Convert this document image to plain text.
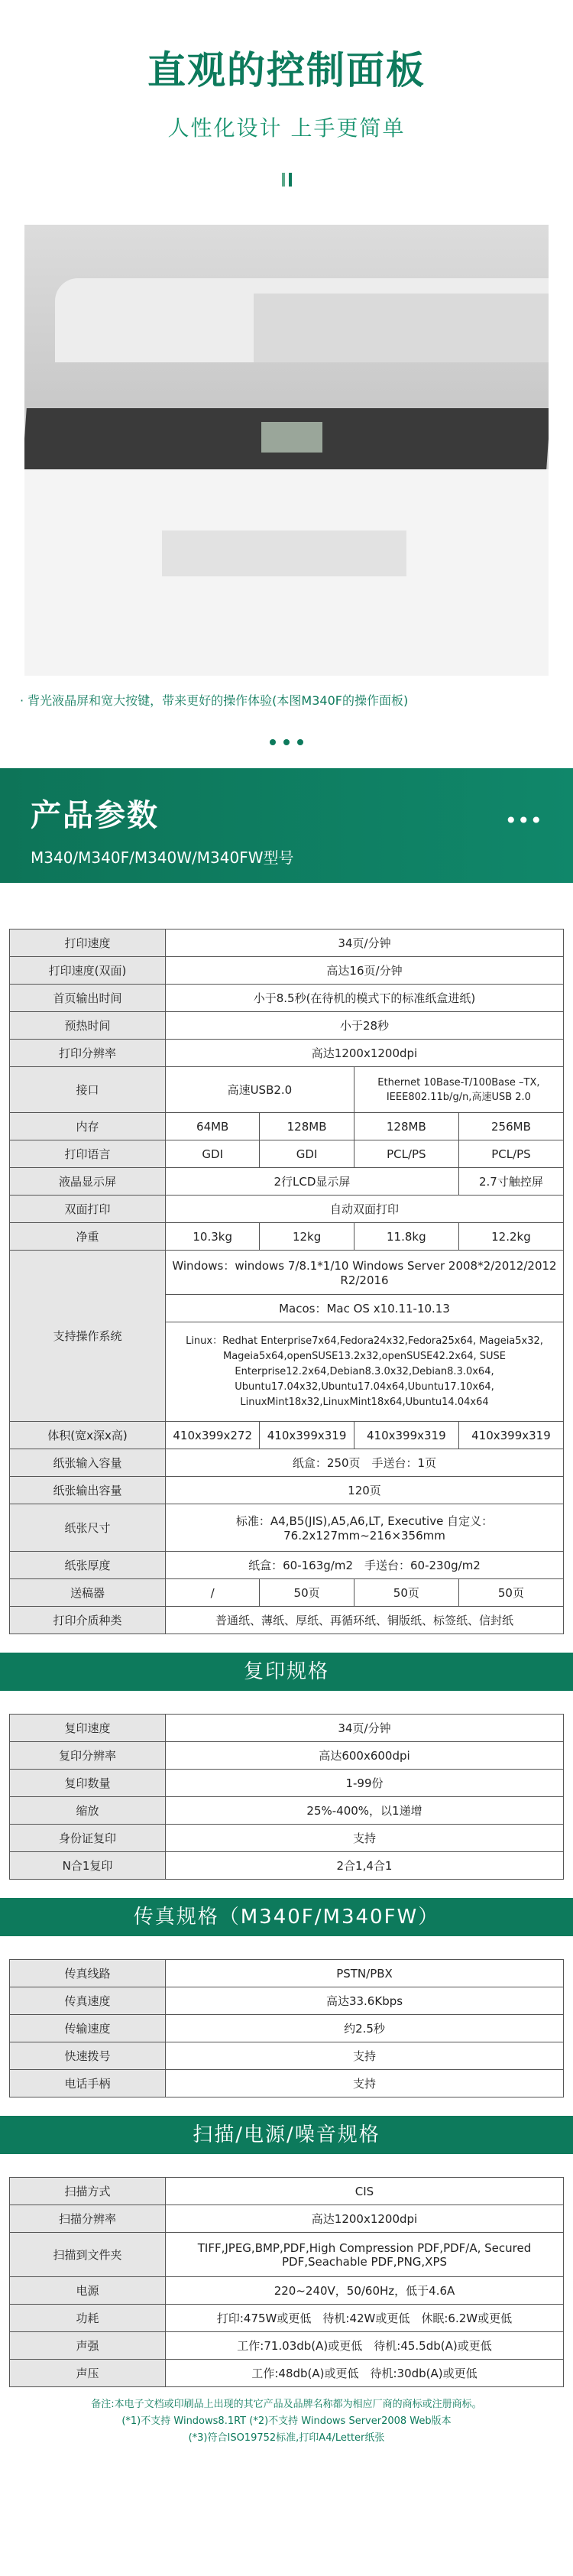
直观的控制面板
人性化设计 上手更简单
· 背光液晶屏和宽大按键，带来更好的操作体验(本图M340F的操作面板)
产品参数
M340/M340F/M340W/M340FW型号
•••
打印速度	34页/分钟			
打印速度(双面)	高达16页/分钟			
首页输出时间	小于8.5秒(在待机的模式下的标准纸盒进纸)			
预热时间	小于28秒			
打印分辨率	高达1200x1200dpi			
接口	高速USB2.0		Ethernet 10Base-T/100Base –TX, IEEE802.11b/g/n,高速USB 2.0	
内存	64MB	128MB	128MB	256MB
打印语言	GDI	GDI	PCL/PS	PCL/PS
液晶显示屏	2行LCD显示屏			2.7寸触控屏
双面打印	自动双面打印			
净重	10.3kg	12kg	11.8kg	12.2kg
支持操作系统	Windows：windows 7/8.1*1/10 Windows Server 2008*2/2012/2012 R2/2016			
	Macos：Mac OS x10.11-10.13			
	Linux：Redhat Enterprise7x64,Fedora24x32,Fedora25x64, Mageia5x32, Mageia5x64,openSUSE13.2x32,openSUSE42.2x64, SUSE Enterprise12.2x64,Debian8.3.0x32,Debian8.3.0x64, Ubuntu17.04x32,Ubuntu17.04x64,Ubuntu17.10x64, LinuxMint18x32,LinuxMint18x64,Ubuntu14.04x64			
体积(宽x深x高)	410x399x272	410x399x319	410x399x319	410x399x319
纸张输入容量	纸盒：250页　手送台：1页			
纸张输出容量	120页			
纸张尺寸	标准：A4,B5(JIS),A5,A6,LT, Executive 自定义：76.2x127mm~216×356mm			
纸张厚度	纸盒：60-163g/m2　手送台：60-230g/m2			
送稿器	/	50页	50页	50页
打印介质种类	普通纸、薄纸、厚纸、再循环纸、铜版纸、标签纸、信封纸			
复印规格
复印速度	34页/分钟
复印分辨率	高达600x600dpi
复印数量	1-99份
缩放	25%-400%，以1递增
身份证复印	支持
N合1复印	2合1,4合1
传真规格（M340F/M340FW）
传真线路	PSTN/PBX
传真速度	高达33.6Kbps
传输速度	约2.5秒
快速拨号	支持
电话手柄	支持
扫描/电源/噪音规格
扫描方式	CIS
扫描分辨率	高达1200x1200dpi
扫描到文件夹	TIFF,JPEG,BMP,PDF,High Compression PDF,PDF/A, Secured PDF,Seachable PDF,PNG,XPS
电源	220~240V，50/60Hz，低于4.6A
功耗	打印:475W或更低　待机:42W或更低　休眠:6.2W或更低
声强	工作:71.03db(A)或更低　待机:45.5db(A)或更低
声压	工作:48db(A)或更低　待机:30db(A)或更低
备注:本电子文档或印刷品上出现的其它产品及品牌名称都为相应厂商的商标或注册商标。
(*1)不支持 Windows8.1RT (*2)不支持 Windows Server2008 Web版本
(*3)符合ISO19752标准,打印A4/Letter纸张
